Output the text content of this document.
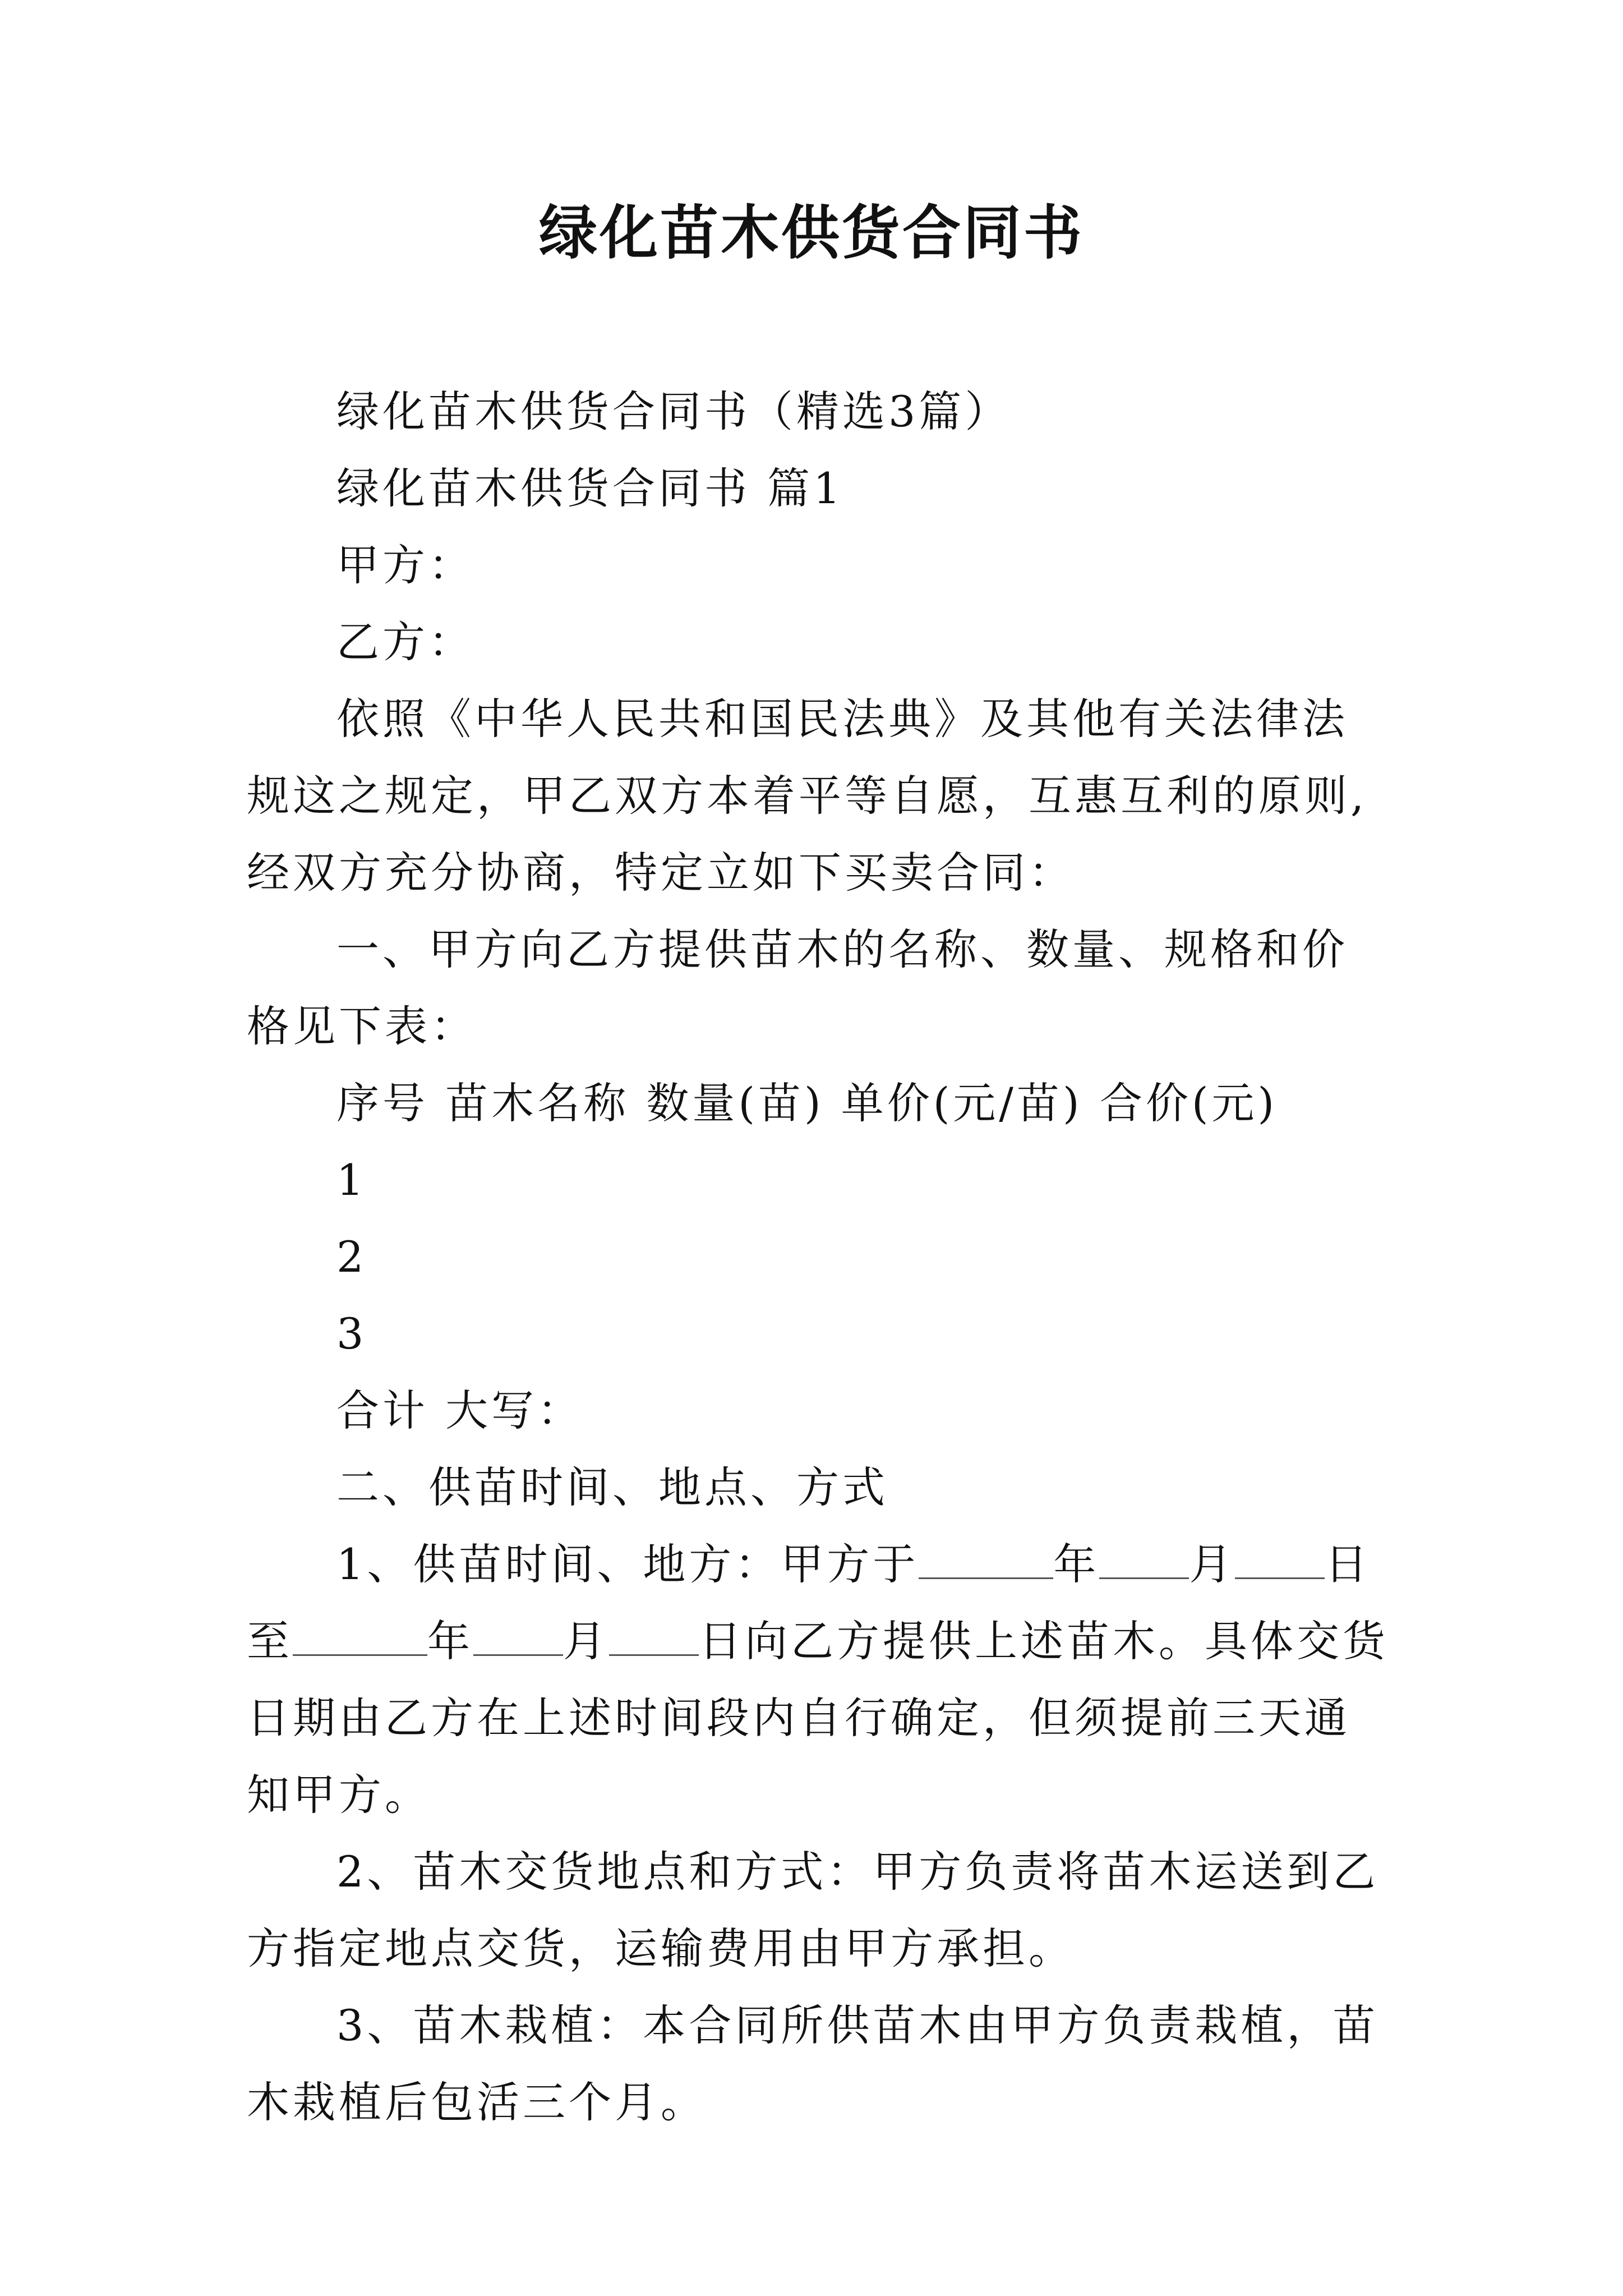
绿化苗木供货合同书

绿化苗木供货合同书（精选3篇）

绿化苗木供货合同书 篇1

甲方：

乙方：

依照《中华人民共和国民法典》及其他有关法律法规这之规定，甲乙双方本着平等自愿，互惠互利的原则,经双方充分协商，特定立如下买卖合同：

一、甲方向乙方提供苗木的名称、数量、规格和价格见下表：

序号 苗木名称 数量(苗) 单价(元/苗) 合价(元)

1

2

3

合计 大写：

二、供苗时间、地点、方式

1、供苗时间、地方：甲方于	年 月 日至	年 月 日向乙方提供上述苗木。具体交货日期由乙方在上述时间段内自行确定，但须提前三天通知甲方。

2、苗木交货地点和方式：甲方负责将苗木运送到乙方指定地点交货，运输费用由甲方承担。

3、苗木栽植：本合同所供苗木由甲方负责栽植，苗木栽植后包活三个月。
